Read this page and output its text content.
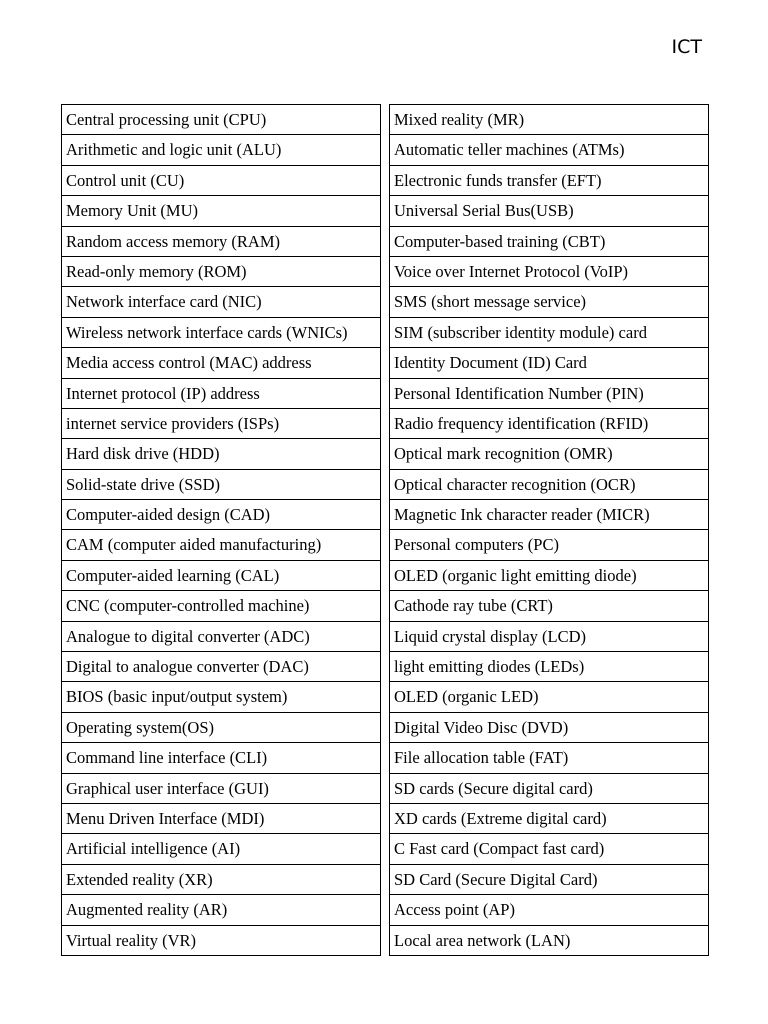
ICT
Central processing unit (CPU)
Arithmetic and logic unit (ALU)
Control unit (CU)
Memory Unit (MU)
Random access memory (RAM)
Read-only memory (ROM)
Network interface card (NIC)
Wireless network interface cards (WNICs)
Media access control (MAC) address
Internet protocol (IP) address
internet service providers (ISPs)
Hard disk drive (HDD)
Solid-state drive (SSD)
Computer-aided design (CAD)
CAM (computer aided manufacturing)
Computer-aided learning (CAL)
CNC (computer-controlled machine)
Analogue to digital converter (ADC)
Digital to analogue converter (DAC)
BIOS (basic input/output system)
Operating system(OS)
Command line interface (CLI)
Graphical user interface (GUI)
Menu Driven Interface (MDI)
Artificial intelligence (AI)
Extended reality (XR)
Augmented reality (AR)
Virtual reality (VR)
Mixed reality (MR)
Automatic teller machines (ATMs)
Electronic funds transfer (EFT)
Universal Serial Bus(USB)
Computer-based training (CBT)
Voice over Internet Protocol (VoIP)
SMS (short message service)
SIM (subscriber identity module) card
Identity Document (ID) Card
Personal Identification Number (PIN)
Radio frequency identification (RFID)
Optical mark recognition (OMR)
Optical character recognition (OCR)
Magnetic Ink character reader (MICR)
Personal computers (PC)
OLED (organic light emitting diode)
Cathode ray tube (CRT)
Liquid crystal display (LCD)
light emitting diodes (LEDs)
OLED (organic LED)
Digital Video Disc (DVD)
File allocation table (FAT)
SD cards (Secure digital card)
XD cards (Extreme digital card)
C Fast card (Compact fast card)
SD Card (Secure Digital Card)
Access point (AP)
Local area network (LAN)
